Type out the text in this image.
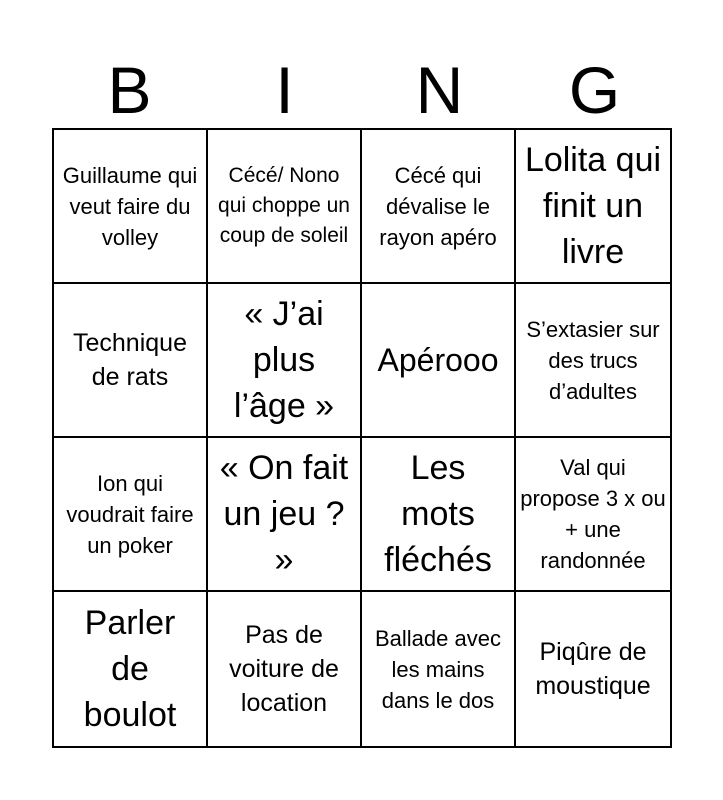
B	I	N	G
Guillaume qui veut faire du volley
Cécé/ Nono qui choppe un coup de soleil
Cécé qui dévalise le rayon apéro
Lolita qui finit un livre
Technique de rats
« J’ai plus l’âge »
Apérooo
S’extasier sur des trucs d’adultes
Ion qui voudrait faire un poker
« On fait un jeu ? »
Les mots fléchés
Val qui propose 3 x ou + une randonnée
Parler de boulot
Pas de voiture de location
Ballade avec les mains dans le dos
Piqûre de moustique
